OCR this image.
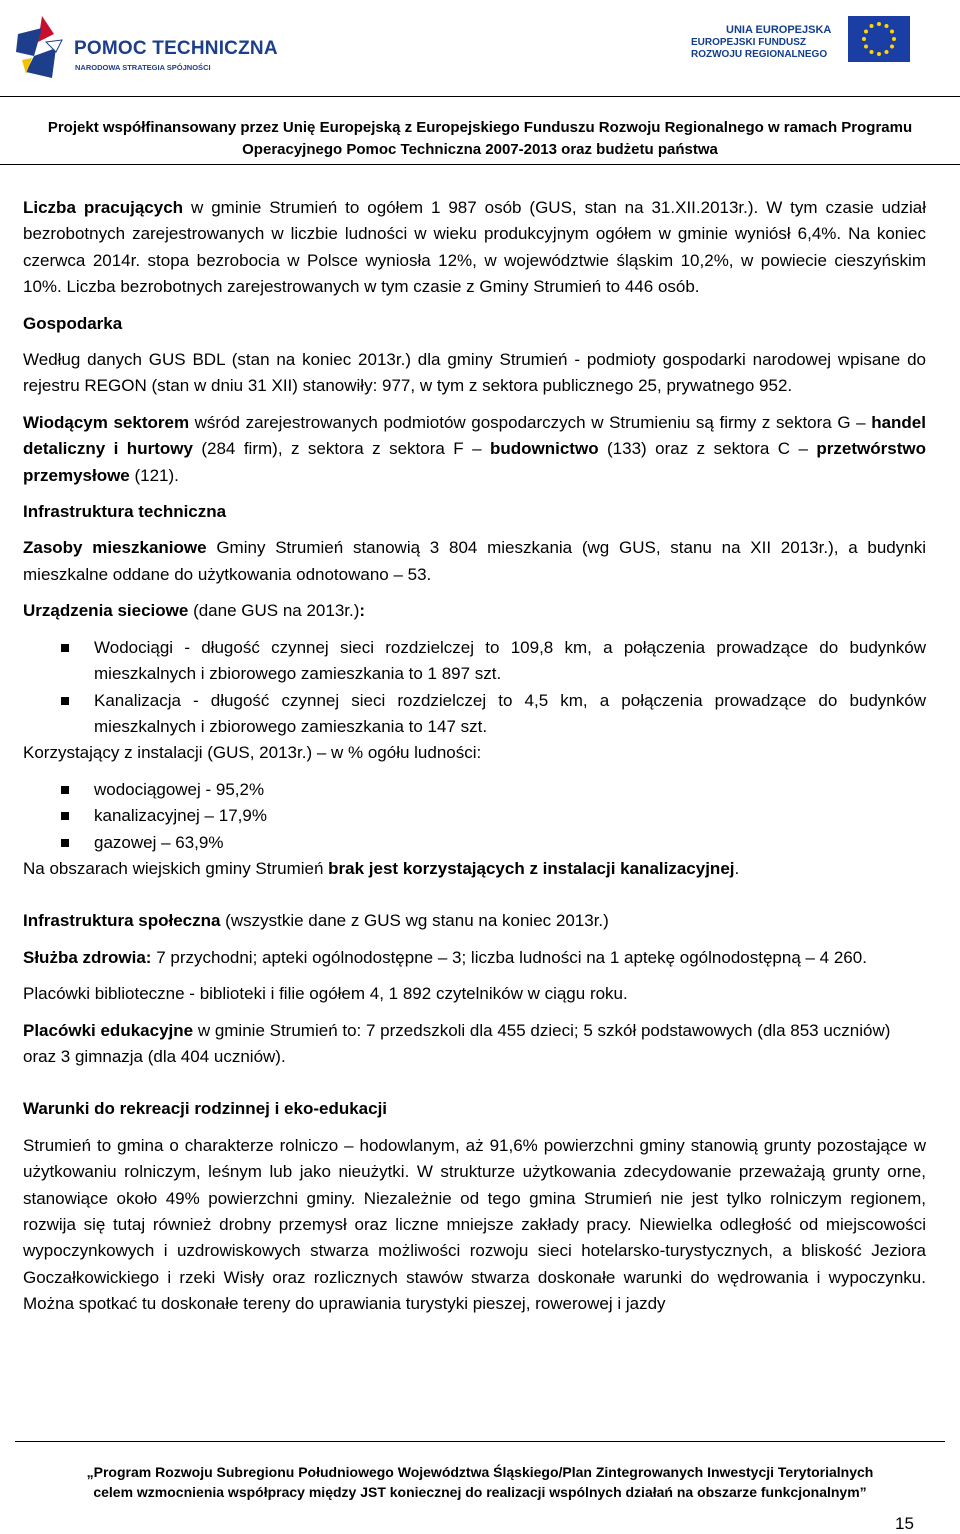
POMOC TECHNICZNA
NARODOWA STRATEGIA SPÓJNOŚCI
UNIA EUROPEJSKA
EUROPEJSKI FUNDUSZ
ROZWOJU REGIONALNEGO
Projekt współfinansowany przez Unię Europejską z Europejskiego Funduszu Rozwoju Regionalnego w ramach Programu
Operacyjnego Pomoc Techniczna 2007-2013 oraz budżetu państwa

Liczba pracujących w gminie Strumień to ogółem 1 987 osób (GUS, stan na 31.XII.2013r.). W tym czasie udział bezrobotnych zarejestrowanych w liczbie ludności w wieku produkcyjnym ogółem w gminie wyniósł 6,4%. Na koniec czerwca 2014r. stopa bezrobocia w Polsce wyniosła 12%, w województwie śląskim 10,2%, w powiecie cieszyńskim 10%. Liczba bezrobotnych zarejestrowanych w tym czasie z Gminy Strumień to 446 osób.

Gospodarka

Według danych GUS BDL (stan na koniec 2013r.) dla gminy Strumień - podmioty gospodarki narodowej wpisane do rejestru REGON (stan w dniu 31 XII) stanowiły: 977, w tym z sektora publicznego 25, prywatnego 952.

Wiodącym sektorem wśród zarejestrowanych podmiotów gospodarczych w Strumieniu są firmy z sektora G – handel detaliczny i hurtowy (284 firm), z sektora z sektora F – budownictwo (133) oraz z sektora C – przetwórstwo przemysłowe (121).

Infrastruktura techniczna

Zasoby mieszkaniowe Gminy Strumień stanowią 3 804 mieszkania (wg GUS, stanu na XII 2013r.), a budynki mieszkalne oddane do użytkowania odnotowano – 53.

Urządzenia sieciowe (dane GUS na 2013r.):

Wodociągi - długość czynnej sieci rozdzielczej to 109,8 km, a połączenia prowadzące do budynków mieszkalnych i zbiorowego zamieszkania to 1 897 szt.
Kanalizacja - długość czynnej sieci rozdzielczej to 4,5 km, a połączenia prowadzące do budynków mieszkalnych i zbiorowego zamieszkania to 147 szt.

Korzystający z instalacji (GUS, 2013r.) – w % ogółu ludności:

wodociągowej - 95,2%
kanalizacyjnej – 17,9%
gazowej – 63,9%

Na obszarach wiejskich gminy Strumień brak jest korzystających z instalacji kanalizacyjnej.

Infrastruktura społeczna (wszystkie dane z GUS wg stanu na koniec 2013r.)

Służba zdrowia: 7 przychodni; apteki ogólnodostępne – 3; liczba ludności na 1 aptekę ogólnodostępną – 4 260.

Placówki biblioteczne - biblioteki i filie ogółem 4, 1 892 czytelników w ciągu roku.

Placówki edukacyjne w gminie Strumień to: 7 przedszkoli dla 455 dzieci; 5 szkół podstawowych (dla 853 uczniów) oraz 3 gimnazja (dla 404 uczniów).

Warunki do rekreacji rodzinnej i eko-edukacji

Strumień to gmina o charakterze rolniczo – hodowlanym, aż 91,6% powierzchni gminy stanowią grunty pozostające w użytkowaniu rolniczym, leśnym lub jako nieużytki. W strukturze użytkowania zdecydowanie przeważają grunty orne, stanowiące około 49% powierzchni gminy. Niezależnie od tego gmina Strumień nie jest tylko rolniczym regionem, rozwija się tutaj również drobny przemysł oraz liczne mniejsze zakłady pracy. Niewielka odległość od miejscowości wypoczynkowych i uzdrowiskowych stwarza możliwości rozwoju sieci hotelarsko-turystycznych, a bliskość Jeziora Goczałkowickiego i rzeki Wisły oraz rozlicznych stawów stwarza doskonałe warunki do wędrowania i wypoczynku. Można spotkać tu doskonałe tereny do uprawiania turystyki pieszej, rowerowej i jazdy

„Program Rozwoju Subregionu Południowego Województwa Śląskiego/Plan Zintegrowanych Inwestycji Terytorialnych
celem wzmocnienia współpracy między JST koniecznej do realizacji wspólnych działań na obszarze funkcjonalnym”
15
